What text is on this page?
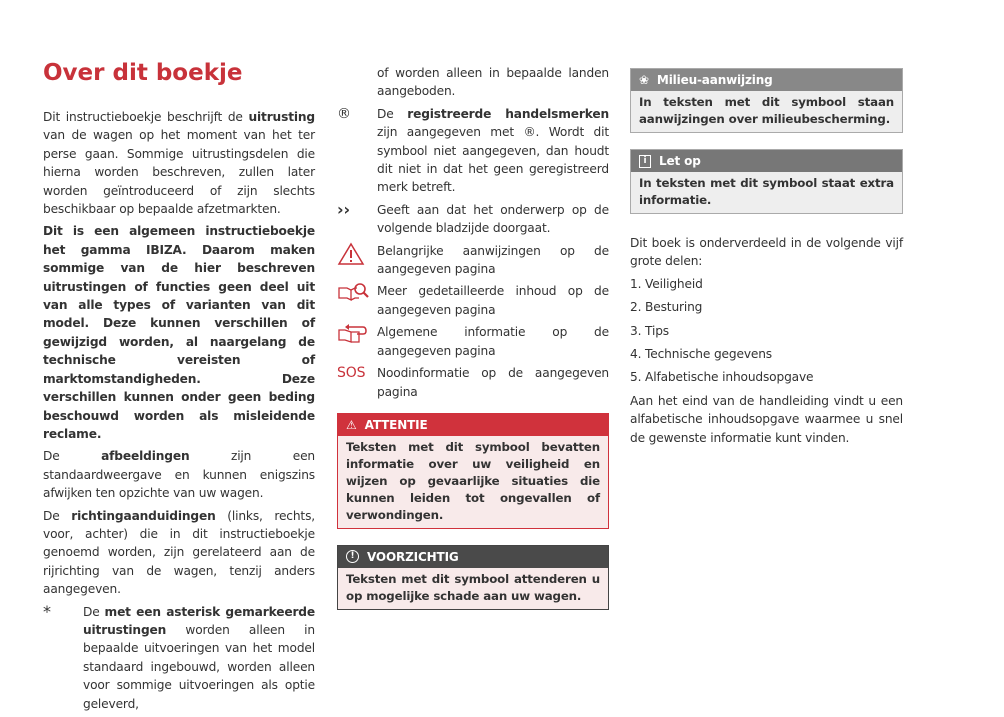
Over dit boekje

Dit instructieboekje beschrijft de uitrusting van de wagen op het moment van het ter perse gaan. Sommige uitrustingsdelen die hierna worden beschreven, zullen later worden geïntroduceerd of zijn slechts beschikbaar op bepaalde afzetmarkten.

Dit is een algemeen instructieboekje het gamma IBIZA. Daarom maken sommige van de hier beschreven uitrustingen of functies geen deel uit van alle types of varianten van dit model. Deze kunnen verschillen of gewijzigd worden, al naargelang de technische vereisten of marktomstandigheden. Deze verschillen kunnen onder geen beding beschouwd worden als misleidende reclame.

De afbeeldingen zijn een standaardweergave en kunnen enigszins afwijken ten opzichte van uw wagen.

De richtingaanduidingen (links, rechts, voor, achter) die in dit instructieboekje genoemd worden, zijn gerelateerd aan de rijrichting van de wagen, tenzij anders aangegeven.

*	De met een asterisk gemarkeerde uitrustingen worden alleen in bepaalde uitvoeringen van het model standaard ingebouwd, worden alleen voor sommige uitvoeringen als optie geleverd,
of worden alleen in bepaalde landen aangeboden.
®	De registreerde handelsmerken zijn aangegeven met ®. Wordt dit symbool niet aangegeven, dan houdt dit niet in dat het geen geregistreerd merk betreft.
››	Geeft aan dat het onderwerp op de volgende bladzijde doorgaat.
Belangrijke aanwijzingen op de aangegeven pagina
Meer gedetailleerde inhoud op de aangegeven pagina
Algemene informatie op de aangegeven pagina
SOS Noodinformatie op de aangegeven pagina
⚠ ATTENTIE
Teksten met dit symbool bevatten informatie over uw veiligheid en wijzen op gevaarlijke situaties die kunnen leiden tot ongevallen of verwondingen.
!	VOORZICHTIG
Teksten met dit symbool attenderen u op mogelijke schade aan uw wagen.
❀ Milieu-aanwijzing
In teksten met dit symbool staan aanwijzingen over milieubescherming.
i	Let op
In teksten met dit symbool staat extra informatie.

Dit boek is onderverdeeld in de volgende vijf grote delen:

1. Veiligheid
2. Besturing
3. Tips
4. Technische gegevens
5. Alfabetische inhoudsopgave

Aan het eind van de handleiding vindt u een alfabetische inhoudsopgave waarmee u snel de gewenste informatie kunt vinden.
